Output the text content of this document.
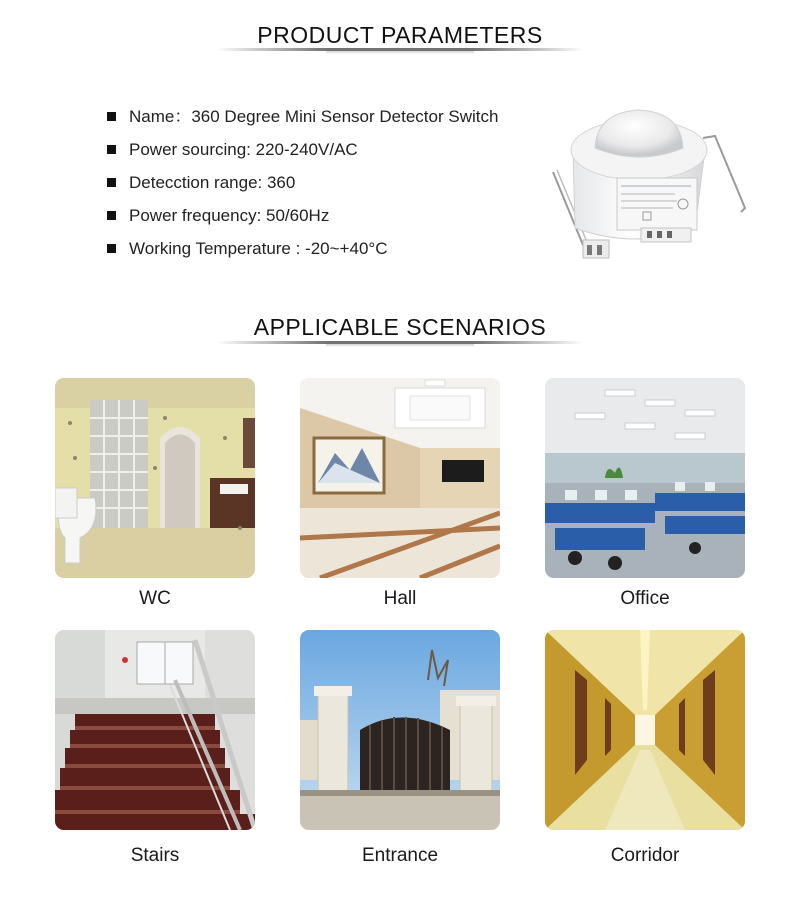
PRODUCT PARAMETERS
Name：360 Degree Mini Sensor Detector Switch
Power sourcing: 220-240V/AC
Detecction range: 360
Power frequency: 50/60Hz
Working Temperature : -20~+40°C
APPLICABLE SCENARIOS
WC	Hall	Office
Stairs	Entrance	Corridor
